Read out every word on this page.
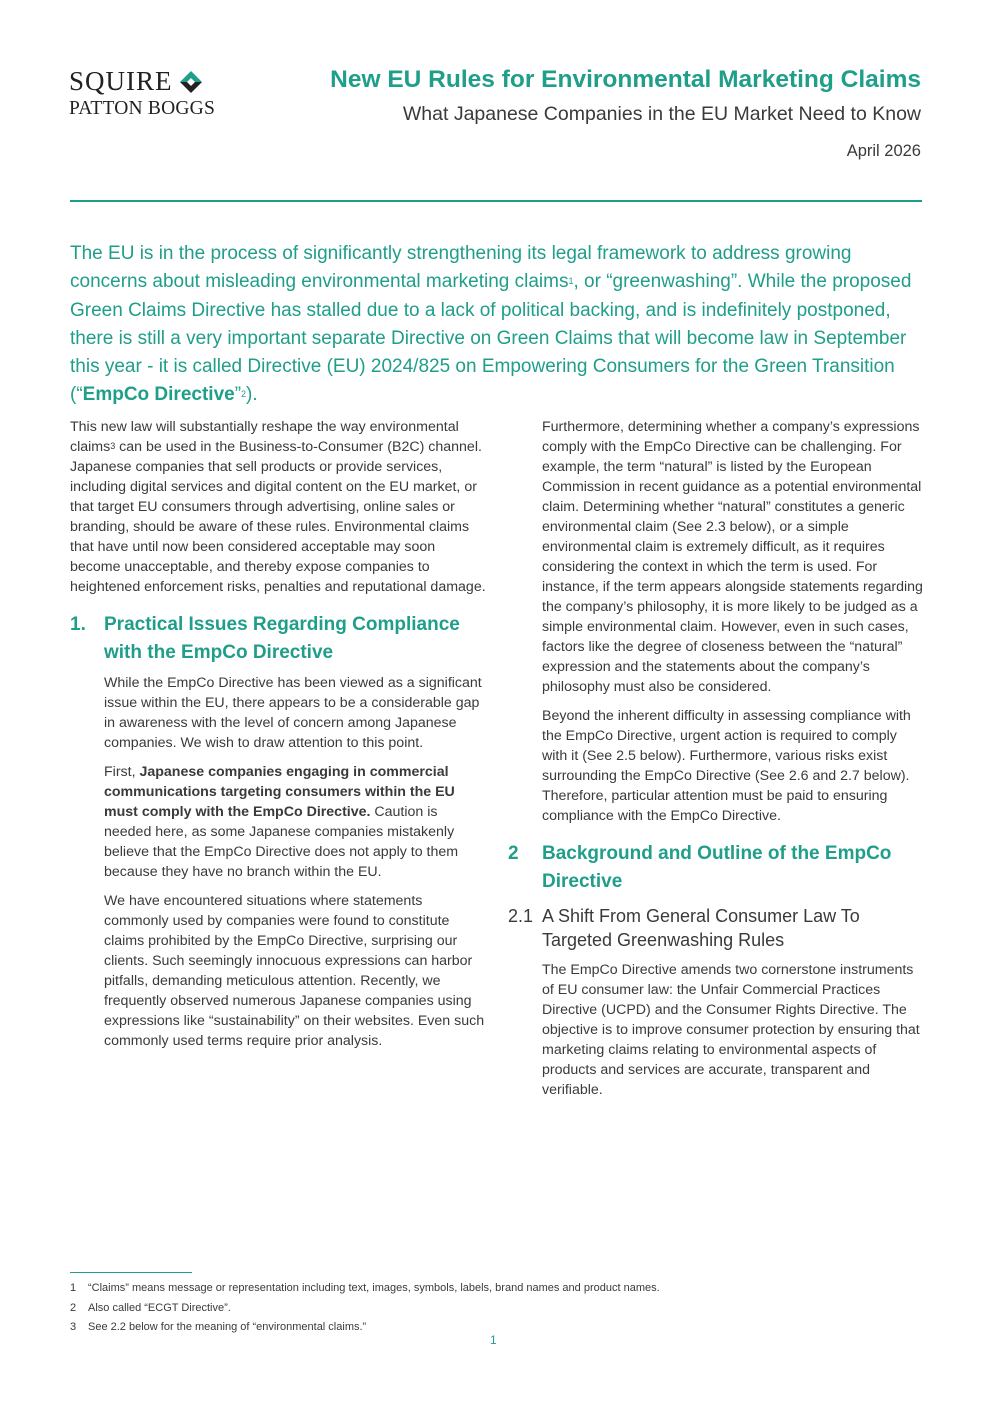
SQUIRE
PATTON BOGGS
New EU Rules for Environmental Marketing Claims
What Japanese Companies in the EU Market Need to Know
April 2026

The EU is in the process of significantly strengthening its legal framework to address growing concerns about misleading environmental marketing claims$^1$, or “greenwashing”. While the proposed Green Claims Directive has stalled due to a lack of political backing, and is indefinitely postponed, there is still a very important separate Directive on Green Claims that will become law in September this year - it is called Directive (EU) 2024/825 on Empowering Consumers for the Green Transition (“EmpCo Directive”$^2$).

This new law will substantially reshape the way environmental claims$^3$ can be used in the Business-to-Consumer (B2C) channel. Japanese companies that sell products or provide services, including digital services and digital content on the EU market, or that target EU consumers through advertising, online sales or branding, should be aware of these rules. Environmental claims that have until now been considered acceptable may soon become unacceptable, and thereby expose companies to heightened enforcement risks, penalties and reputational damage.

1. Practical Issues Regarding Compliance with the EmpCo Directive

While the EmpCo Directive has been viewed as a significant issue within the EU, there appears to be a considerable gap in awareness with the level of concern among Japanese companies. We wish to draw attention to this point.

First, Japanese companies engaging in commercial communications targeting consumers within the EU must comply with the EmpCo Directive. Caution is needed here, as some Japanese companies mistakenly believe that the EmpCo Directive does not apply to them because they have no branch within the EU.

We have encountered situations where statements commonly used by companies were found to constitute claims prohibited by the EmpCo Directive, surprising our clients. Such seemingly innocuous expressions can harbor pitfalls, demanding meticulous attention. Recently, we frequently observed numerous Japanese companies using expressions like “sustainability” on their websites. Even such commonly used terms require prior analysis.

Furthermore, determining whether a company’s expressions comply with the EmpCo Directive can be challenging. For example, the term “natural” is listed by the European Commission in recent guidance as a potential environmental claim. Determining whether “natural” constitutes a generic environmental claim (See 2.3 below), or a simple environmental claim is extremely difficult, as it requires considering the context in which the term is used. For instance, if the term appears alongside statements regarding the company’s philosophy, it is more likely to be judged as a simple environmental claim. However, even in such cases, factors like the degree of closeness between the “natural” expression and the statements about the company’s philosophy must also be considered.

Beyond the inherent difficulty in assessing compliance with the EmpCo Directive, urgent action is required to comply with it (See 2.5 below). Furthermore, various risks exist surrounding the EmpCo Directive (See 2.6 and 2.7 below). Therefore, particular attention must be paid to ensuring compliance with the EmpCo Directive.

2	Background and Outline of the EmpCo Directive
2.1 A Shift From General Consumer Law To Targeted Greenwashing Rules

The EmpCo Directive amends two cornerstone instruments of EU consumer law: the Unfair Commercial Practices Directive (UCPD) and the Consumer Rights Directive. The objective is to improve consumer protection by ensuring that marketing claims relating to environmental aspects of products and services are accurate, transparent and verifiable.

1	“Claims” means message or representation including text, images, symbols, labels, brand names and product names.
2	Also called “ECGT Directive”.
3	See 2.2 below for the meaning of “environmental claims.”
1
